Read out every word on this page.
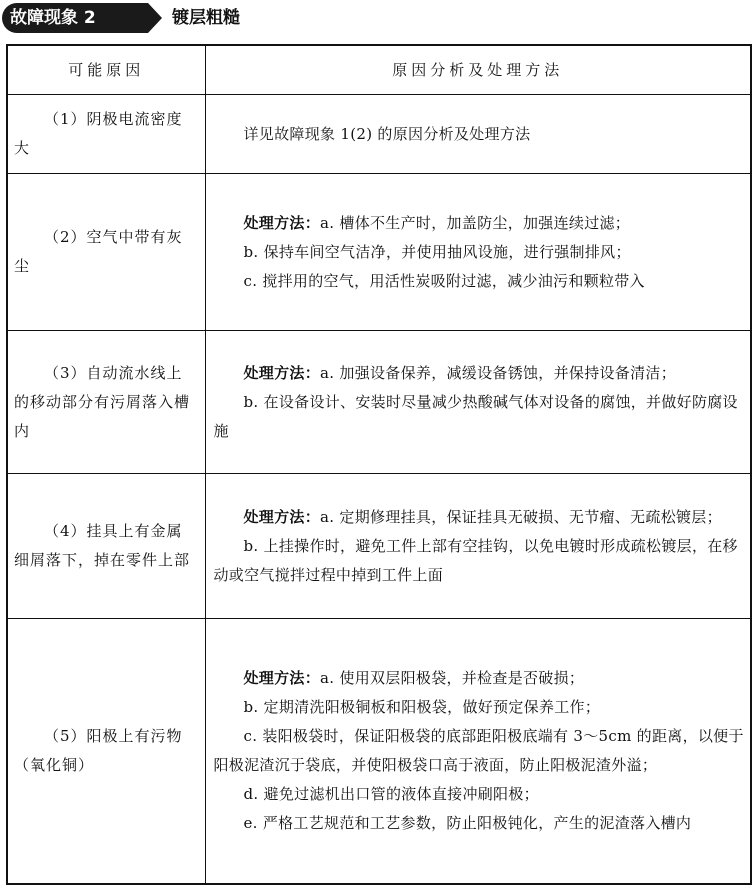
故障现象 2	镀层粗糙
可能原因	原因分析及处理方法

（1）阴极电流密度大	详见故障现象 1(2) 的原因分析及处理方法

（2）空气中带有灰尘	处理方法：a. 槽体不生产时，加盖防尘，加强连续过滤；

b. 保持车间空气洁净，并使用抽风设施，进行强制排风；

c. 搅拌用的空气，用活性炭吸附过滤，减少油污和颗粒带入

（3）自动流水线上的移动部分有污屑落入槽内	处理方法：a. 加强设备保养，减缓设备锈蚀，并保持设备清洁；

b. 在设备设计、安装时尽量减少热酸碱气体对设备的腐蚀，并做好防腐设施

（4）挂具上有金属细屑落下，掉在零件上部	处理方法：a. 定期修理挂具，保证挂具无破损、无节瘤、无疏松镀层；

b. 上挂操作时，避免工件上部有空挂钩，以免电镀时形成疏松镀层，在移动或空气搅拌过程中掉到工件上面

（5）阳极上有污物（氧化铜）	处理方法：a. 使用双层阳极袋，并检查是否破损；

b. 定期清洗阳极铜板和阳极袋，做好预定保养工作；

c. 装阳极袋时，保证阳极袋的底部距阳极底端有 3～5cm 的距离，以便于阳极泥渣沉于袋底，并使阳极袋口高于液面，防止阳极泥渣外溢；

d. 避免过滤机出口管的液体直接冲刷阳极；

e. 严格工艺规范和工艺参数，防止阳极钝化，产生的泥渣落入槽内
